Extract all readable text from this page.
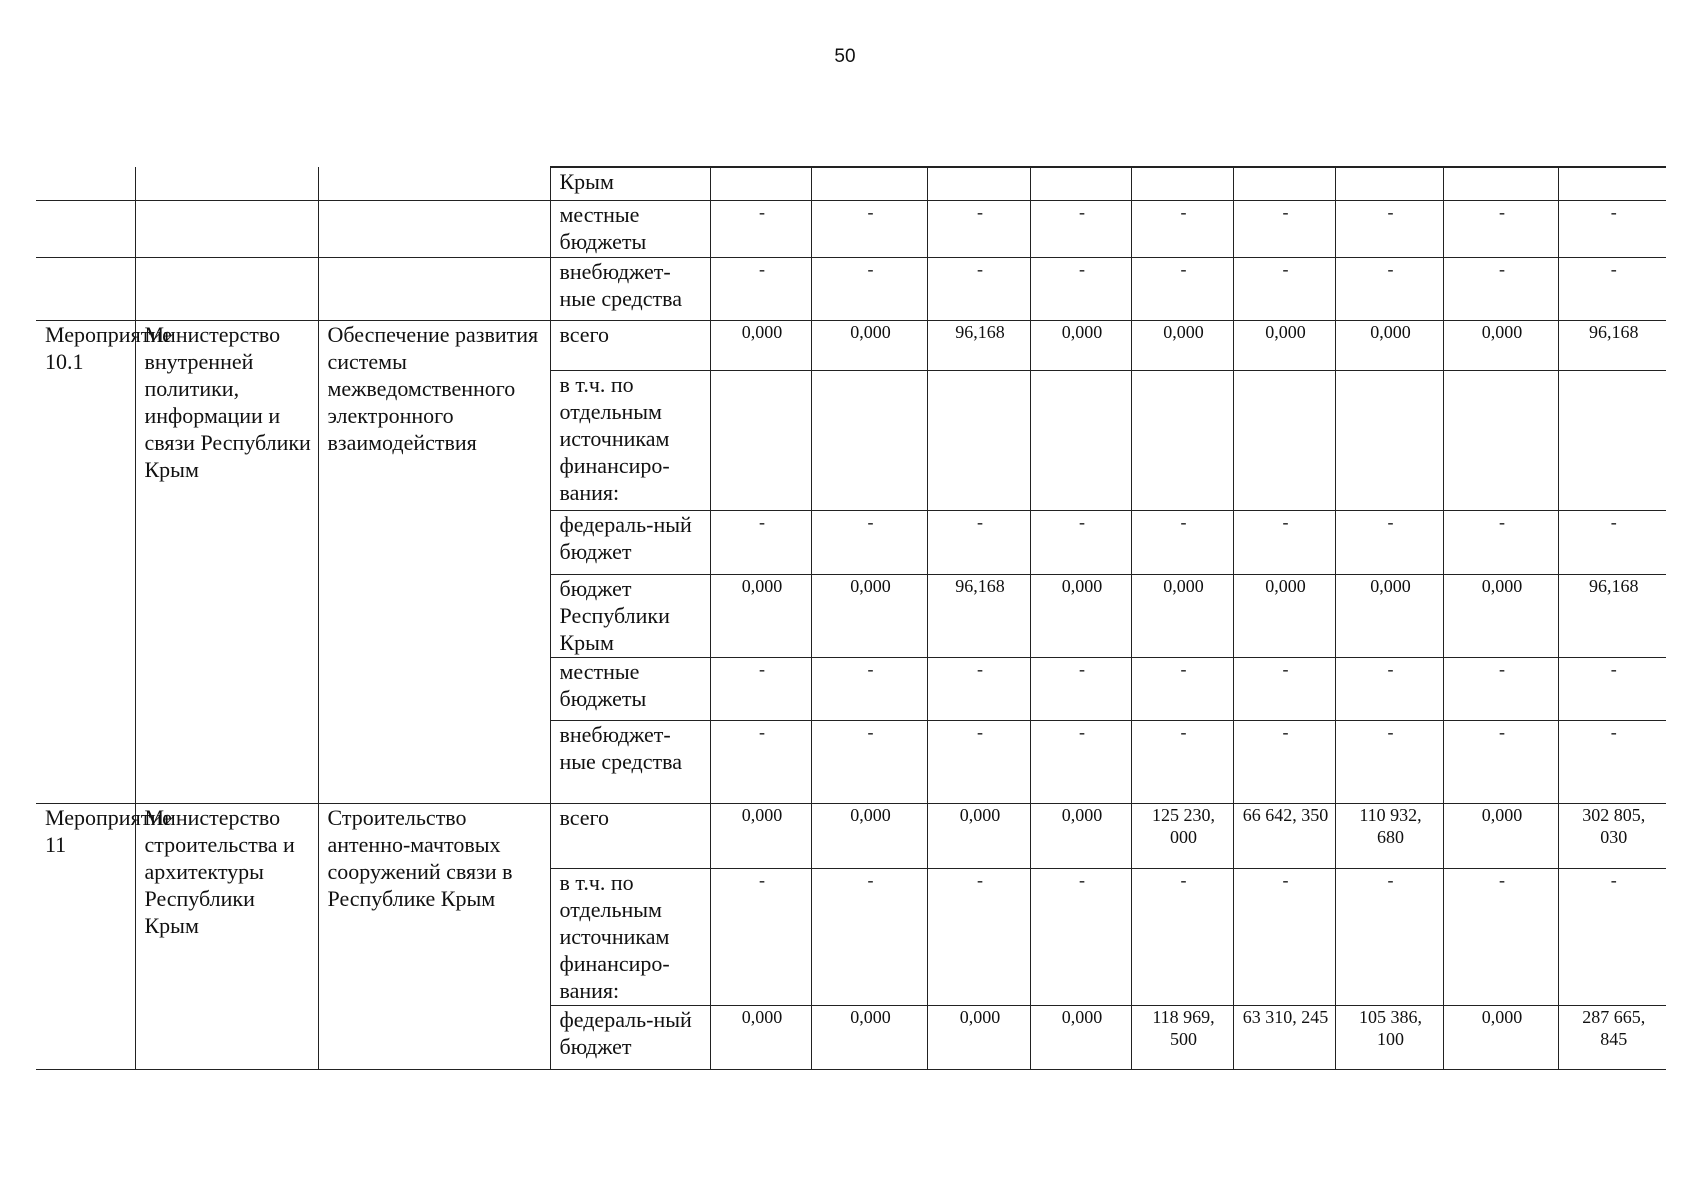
50
			Крым									
			местные бюджеты	-	-	-	-	-	-	-	-	-
			внебюджет-ные средства	-	-	-	-	-	-	-	-	-
Мероприятие 10.1	Министерство внутренней политики, информации и связи Республики Крым	Обеспечение развития системы межведомственного электронного взаимодействия	всего	0,000	0,000	96,168	0,000	0,000	0,000	0,000	0,000	96,168
			в т.ч. по отдельным источникам финансиро-вания:									
			федераль-ный бюджет	-	-	-	-	-	-	-	-	-
			бюджет Республики Крым	0,000	0,000	96,168	0,000	0,000	0,000	0,000	0,000	96,168
			местные бюджеты	-	-	-	-	-	-	-	-	-
			внебюджет-ные средства	-	-	-	-	-	-	-	-	-
Мероприятие 11	Министерство строительства и архитектуры Республики Крым	Строительство антенно-мачтовых сооружений связи в Республике Крым	всего	0,000	0,000	0,000	0,000	125 230, 000	66 642, 350	110 932, 680	0,000	302 805, 030
			в т.ч. по отдельным источникам финансиро-вания:	-	-	-	-	-	-	-	-	-
			федераль-ный бюджет	0,000	0,000	0,000	0,000	118 969, 500	63 310, 245	105 386, 100	0,000	287 665, 845
